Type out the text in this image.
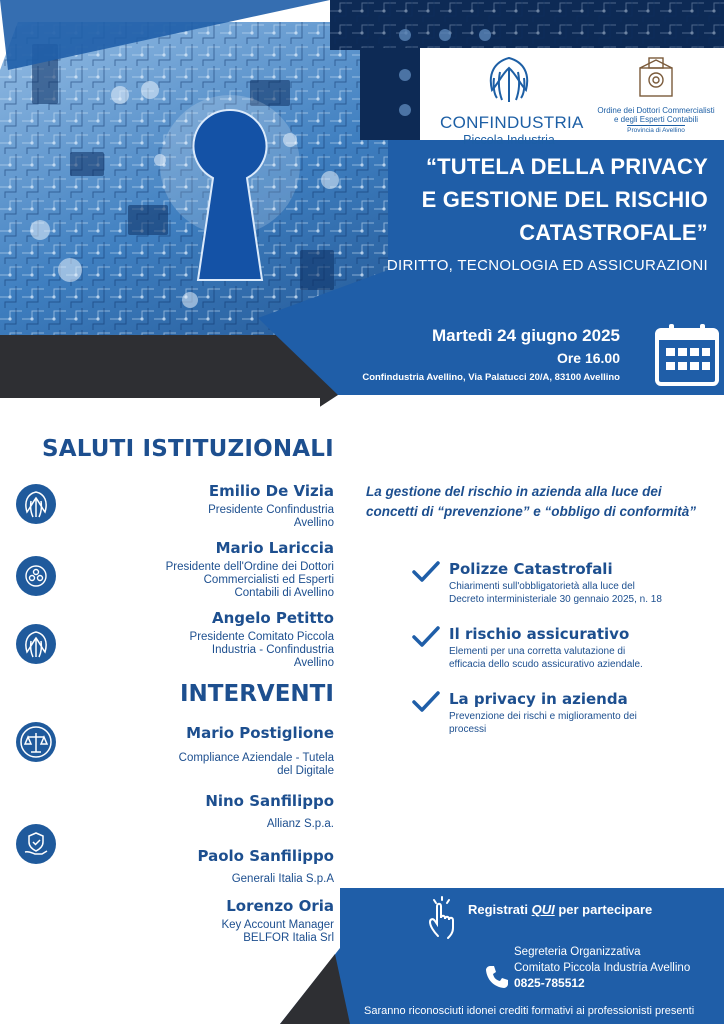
CONFINDUSTRIA
Piccola Industria
Ordine dei Dottori Commercialisti
e degli Esperti Contabili
Provincia di Avellino
“TUTELA DELLA PRIVACY
E GESTIONE DEL RISCHIO
CATASTROFALE”
DIRITTO, TECNOLOGIA ED ASSICURAZIONI
Martedì 24 giugno 2025
Ore 16.00
Confindustria Avellino, Via Palatucci 20/A, 83100 Avellino
SALUTI ISTITUZIONALI
Emilio De Vizia
Presidente Confindustria
Avellino
Mario Lariccia
Presidente dell'Ordine dei Dottori
Commercialisti ed Esperti
Contabili di Avellino
Angelo Petitto
Presidente Comitato Piccola
Industria - Confindustria
Avellino
INTERVENTI
Mario Postiglione
Compliance Aziendale - Tutela
del Digitale
Nino Sanfilippo
Allianz S.p.a.
Paolo Sanfilippo
Generali Italia S.p.A
Lorenzo Oria
Key Account Manager
BELFOR Italia Srl
La gestione del rischio in azienda alla luce dei concetti di “prevenzione” e “obbligo di conformità”
Polizze Catastrofali
Chiarimenti sull'obbligatorietà alla luce del
Decreto interministeriale 30 gennaio 2025, n. 18
Il rischio assicurativo
Elementi per una corretta valutazione di
efficacia dello scudo assicurativo aziendale.
La privacy in azienda
Prevenzione dei rischi e miglioramento dei
processi
Registrati QUI per partecipare
Segreteria Organizzativa
Comitato Piccola Industria Avellino
0825-785512
Saranno riconosciuti idonei crediti formativi ai professionisti presenti
